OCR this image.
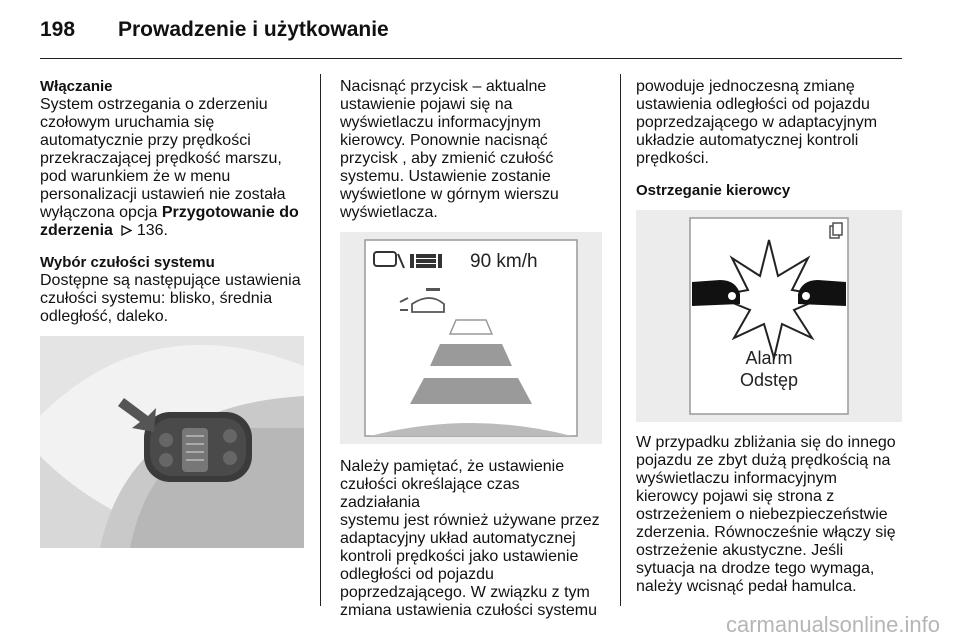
198 Prowadzenie i użytkowanie
Włączanie
System ostrzegania o zderzeniu
czołowym uruchamia się
automatycznie przy prędkości
przekraczającej prędkość marszu,
pod warunkiem że w menu
personalizacji ustawień nie została
wyłączona opcja Przygotowanie do
zderzenia  136.
Wybór czułości systemu
Dostępne są następujące ustawienia
czułości systemu: blisko, średnia
odległość, daleko.
Nacisnąć przycisk – aktualne
ustawienie pojawi się na
wyświetlaczu informacyjnym
kierowcy. Ponownie nacisnąć
przycisk , aby zmienić czułość
systemu. Ustawienie zostanie
wyświetlone w górnym wierszu
wyświetlacza.
90 km/h
Należy pamiętać, że ustawienie
czułości określające czas zadziałania
systemu jest również używane przez
adaptacyjny układ automatycznej
kontroli prędkości jako ustawienie
odległości od pojazdu
poprzedzającego. W związku z tym
zmiana ustawienia czułości systemu
powoduje jednoczesną zmianę
ustawienia odległości od pojazdu
poprzedzającego w adaptacyjnym
układzie automatycznej kontroli
prędkości.
Ostrzeganie kierowcy
Alarm
Odstęp
W przypadku zbliżania się do innego
pojazdu ze zbyt dużą prędkością na
wyświetlaczu informacyjnym
kierowcy pojawi się strona z
ostrzeżeniem o niebezpieczeństwie
zderzenia. Równocześnie włączy się
ostrzeżenie akustyczne. Jeśli
sytuacja na drodze tego wymaga,
należy wcisnąć pedał hamulca.
carmanualsonline.info
